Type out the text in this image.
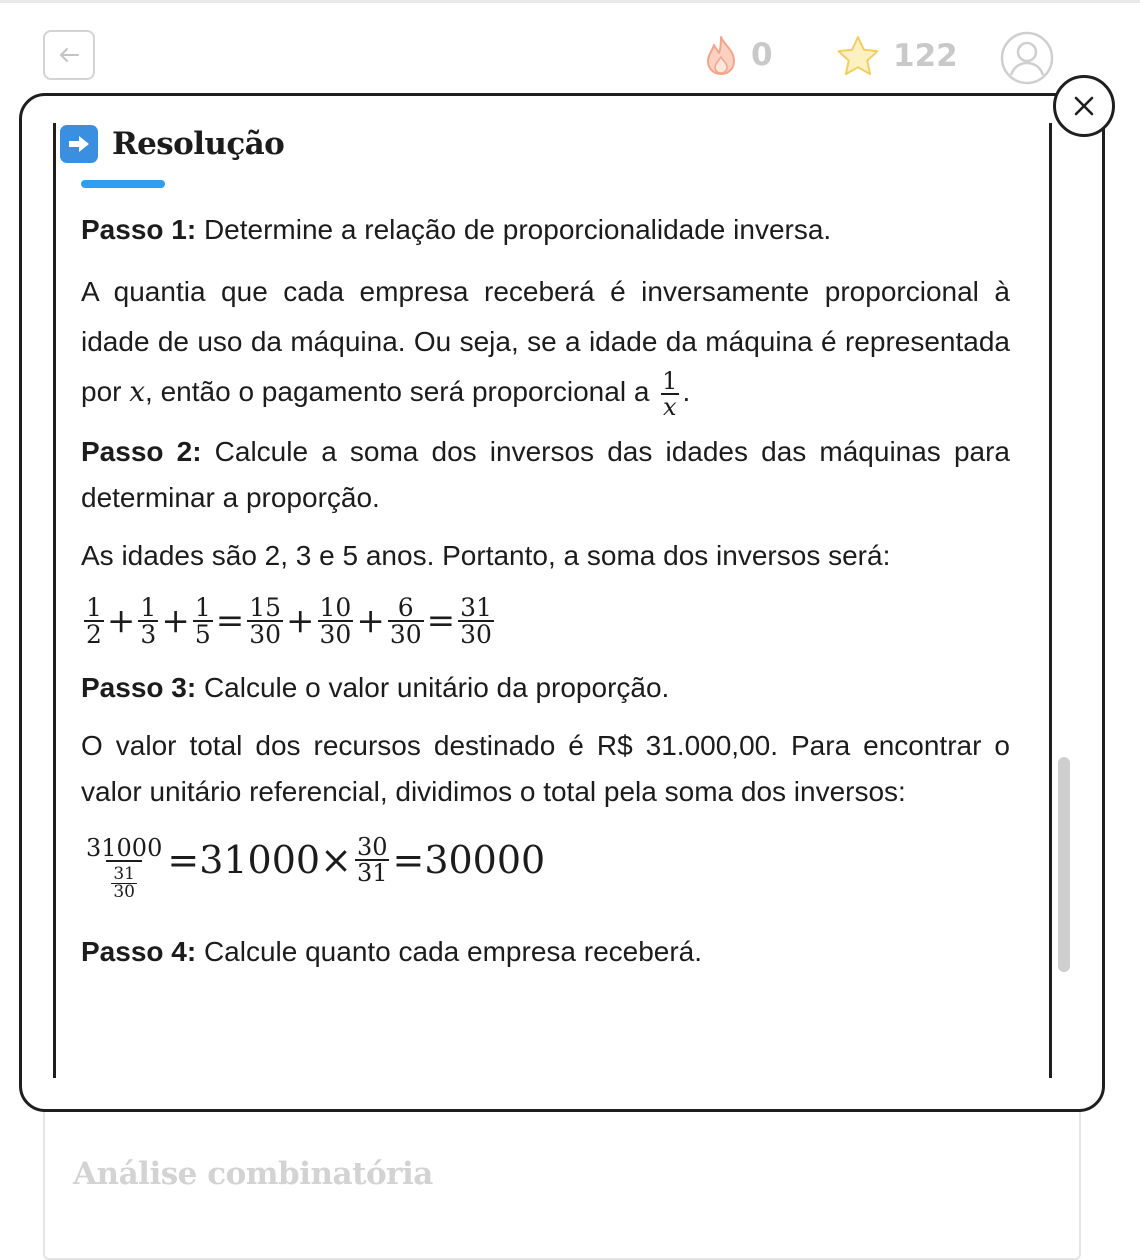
0	122
Análise combinatória
Resolução

Passo 1: Determine a relação de proporcionalidade inversa.

A quantia que cada empresa receberá é inversamente proporcional à idade de uso da máquina. Ou seja, se a idade da máquina é representada por x, então o pagamento será proporcional a $\frac{1}{x}$ .

Passo 2: Calcule a soma dos inversos das idades das máquinas para determinar a proporção.

As idades são 2, 3 e 5 anos. Portanto, a soma dos inversos será:

1
$2 + \frac{1}{3} + \frac{1}{5} = \frac{15}{30} + \frac{10}{30} + \frac{6}{30} = \frac{31}{30}$

Passo 3: Calcule o valor unitário da proporção.

O valor total dos recursos destinado é R$ 31.000,00. Para encontrar o valor unitário referencial, dividimos o total pela soma dos inversos:

31000
31
$30 =31000\times \frac{30}{31} =30000$

Passo 4: Calcule quanto cada empresa receberá.
